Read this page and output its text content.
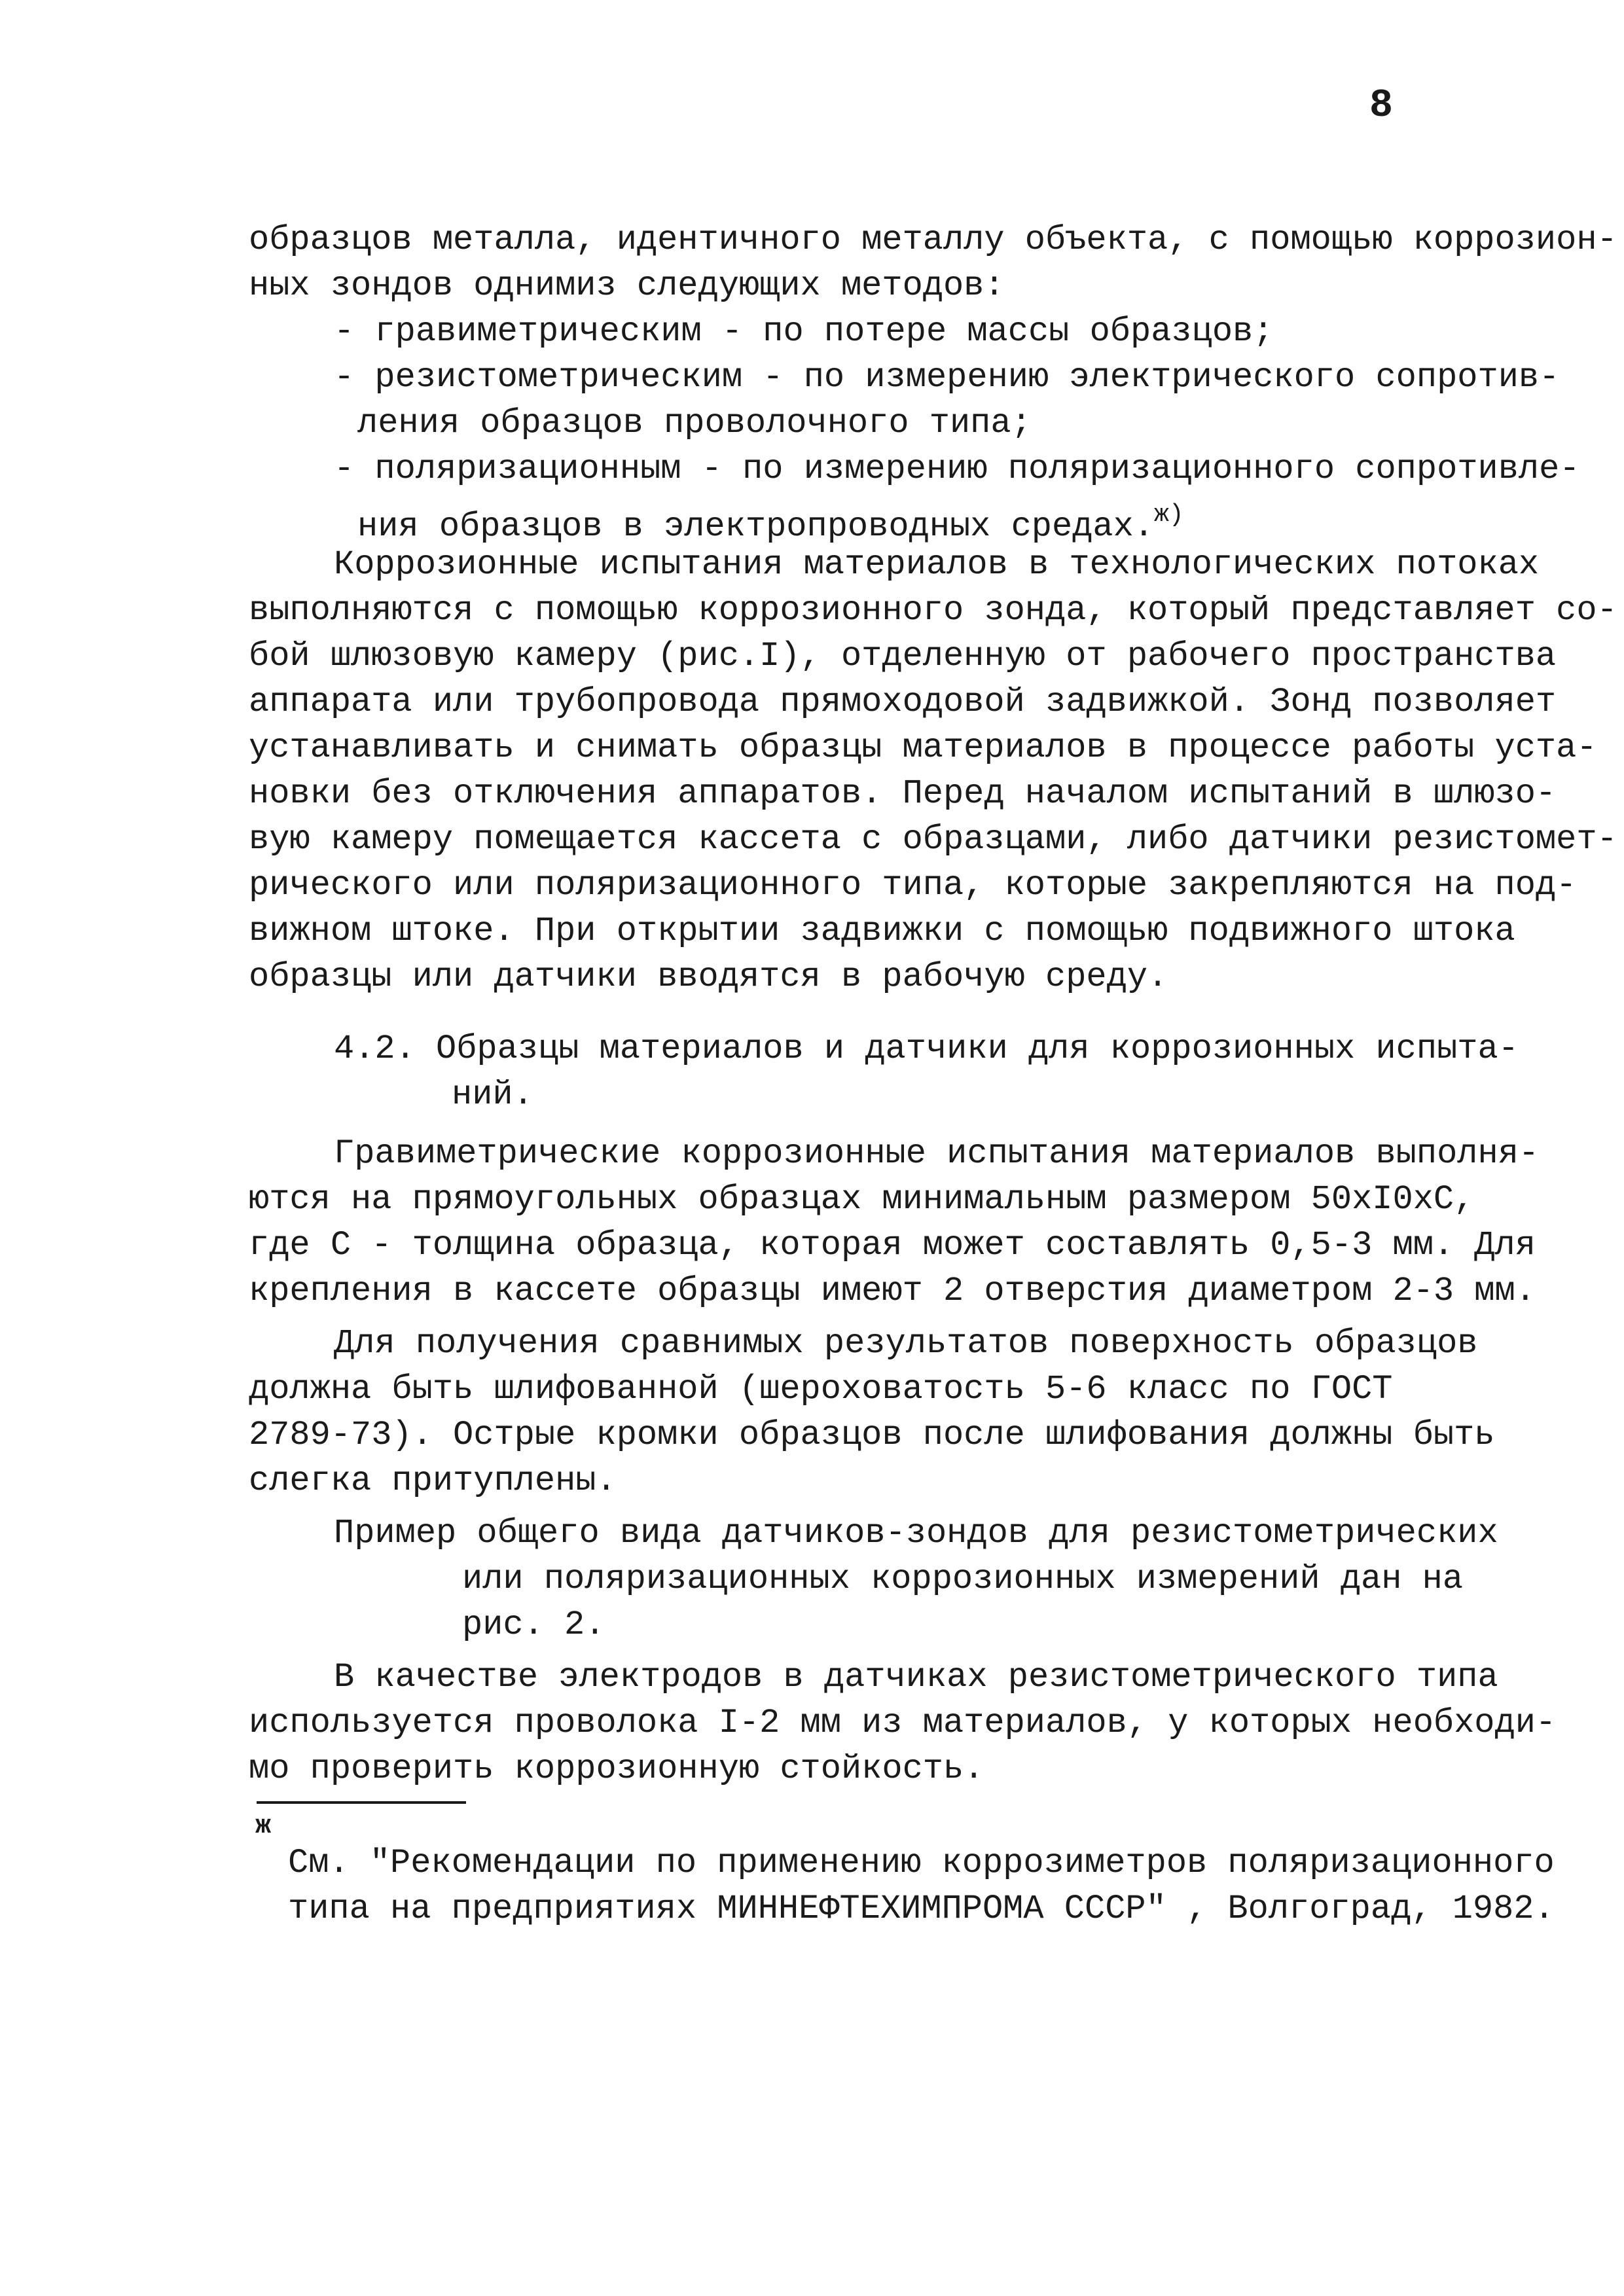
8
образцов металла, идентичного металлу объекта, с помощью коррозион-
ных зондов однимиз следующих методов:
- гравиметрическим - по потере массы образцов;
- резистометрическим - по измерению электрического сопротив-
ления образцов проволочного типа;
- поляризационным - по измерению поляризационного сопротивле-
ния образцов в электропроводных средах.$^{ж)}$
Коррозионные испытания материалов в технологических потоках
выполняются с помощью коррозионного зонда, который представляет со-
бой шлюзовую камеру (рис.I), отделенную от рабочего пространства
аппарата или трубопровода прямоходовой задвижкой. Зонд позволяет
устанавливать и снимать образцы материалов в процессе работы уста-
новки без отключения аппаратов. Перед началом испытаний в шлюзо-
вую камеру помещается кассета с образцами, либо датчики резистомет-
рического или поляризационного типа, которые закрепляются на под-
вижном штоке. При открытии задвижки с помощью подвижного штока
образцы или датчики вводятся в рабочую среду.
4.2. Образцы материалов и датчики для коррозионных испыта-
ний.
Гравиметрические коррозионные испытания материалов выполня-
ются на прямоугольных образцах минимальным размером 50хI0хС,
где С - толщина образца, которая может составлять 0,5-3 мм. Для
крепления в кассете образцы имеют 2 отверстия диаметром 2-3 мм.
Для получения сравнимых результатов поверхность образцов
должна быть шлифованной (шероховатость 5-6 класс по ГОСТ
2789-73). Острые кромки образцов после шлифования должны быть
слегка притуплены.
Пример общего вида датчиков-зондов для резистометрических
или поляризационных коррозионных измерений дан на
рис. 2.
В качестве электродов в датчиках резистометрического типа
используется проволока I-2 мм из материалов, у которых необходи-
мо проверить коррозионную стойкость.
ж
См. "Рекомендации по применению коррозиметров поляризационного
типа на предприятиях МИННЕФТЕХИМПРОМА СССР" , Волгоград, 1982.
